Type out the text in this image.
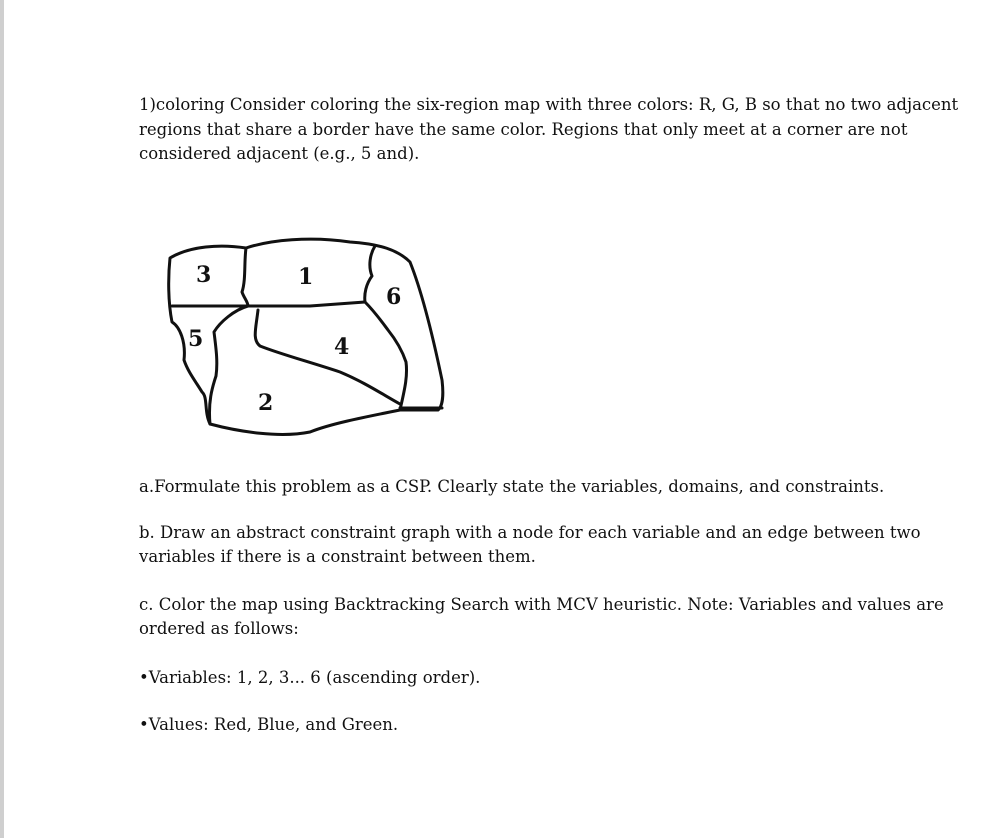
1)coloring Consider coloring the six-region map with three colors: R, G, B so that no two adjacent
regions that share a border have the same color. Regions that only meet at a corner are not
considered adjacent (e.g., 5 and).
3	1
6
5	4
2
a.Formulate this problem as a CSP. Clearly state the variables, domains, and constraints.
b. Draw an abstract constraint graph with a node for each variable and an edge between two
variables if there is a constraint between them.
c. Color the map using Backtracking Search with MCV heuristic. Note: Variables and values are
ordered as follows:
•Variables: 1, 2, 3... 6 (ascending order).
•Values: Red, Blue, and Green.
